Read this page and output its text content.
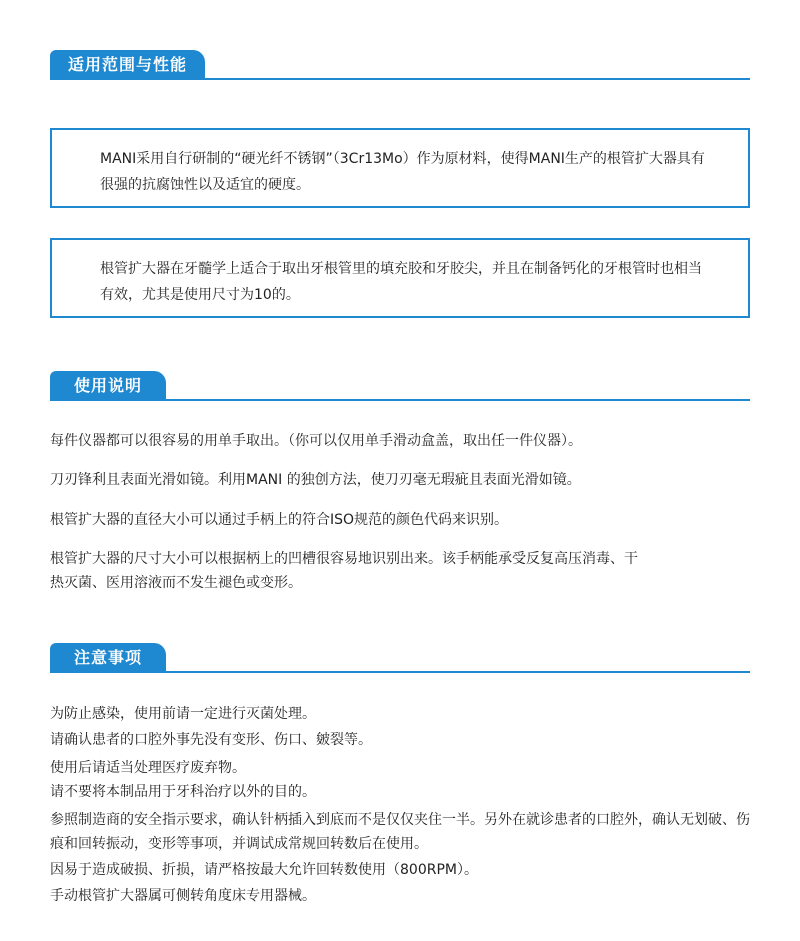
适用范围与性能
MANI采用自行研制的“硬光纤不锈钢”（3Cr13Mo）作为原材料，使得MANI生产的根管扩大器具有很强的抗腐蚀性以及适宜的硬度。
根管扩大器在牙髓学上适合于取出牙根管里的填充胶和牙胶尖，并且在制备钙化的牙根管时也相当有效，尤其是使用尺寸为10的。
使用说明
每件仪器都可以很容易的用单手取出。（你可以仅用单手滑动盒盖，取出任一件仪器）。
刀刃锋利且表面光滑如镜。利用MANI 的独创方法，使刀刃毫无瑕疵且表面光滑如镜。
根管扩大器的直径大小可以通过手柄上的符合ISO规范的颜色代码来识别。
根管扩大器的尺寸大小可以根据柄上的凹槽很容易地识别出来。该手柄能承受反复高压消毒、干热灭菌、医用溶液而不发生褪色或变形。
注意事项
为防止感染，使用前请一定进行灭菌处理。
请确认患者的口腔外事先没有变形、伤口、皴裂等。
使用后请适当处理医疗废弃物。
请不要将本制品用于牙科治疗以外的目的。
参照制造商的安全指示要求，确认针柄插入到底而不是仅仅夹住一半。另外在就诊患者的口腔外，确认无划破、伤痕和回转振动，变形等事项，并调试成常规回转数后在使用。
因易于造成破损、折损，请严格按最大允许回转数使用（800RPM）。
手动根管扩大器属可侧转角度床专用器械。
